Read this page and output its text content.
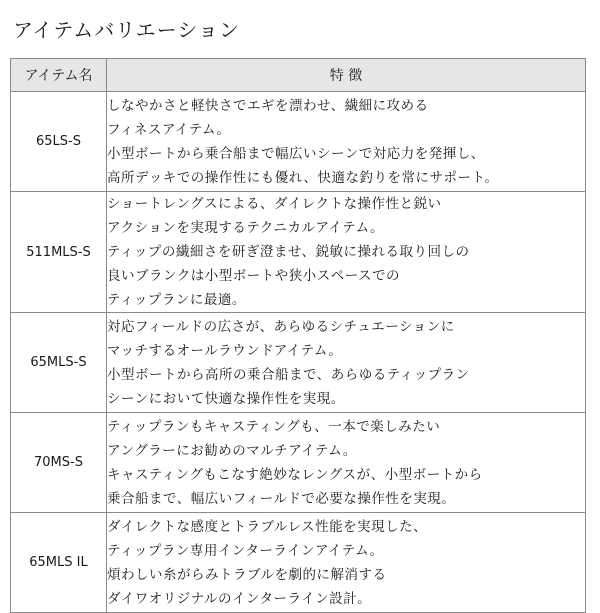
アイテムバリエーション
アイテム名	特 徴
65LS-S	しなやかさと軽快さでエギを漂わせ、繊細に攻める
フィネスアイテム。
小型ボートから乗合船まで幅広いシーンで対応力を発揮し、
高所デッキでの操作性にも優れ、快適な釣りを常にサポート。

511MLS-S	ショートレングスによる、ダイレクトな操作性と鋭い
アクションを実現するテクニカルアイテム。
ティップの繊細さを研ぎ澄ませ、鋭敏に操れる取り回しの
良いブランクは小型ボートや狭小スペースでの
ティップランに最適。

65MLS-S	対応フィールドの広さが、あらゆるシチュエーションに
マッチするオールラウンドアイテム。
小型ボートから高所の乗合船まで、あらゆるティップラン
シーンにおいて快適な操作性を実現。

70MS-S	ティップランもキャスティングも、一本で楽しみたい
アングラーにお勧めのマルチアイテム。
キャスティングもこなす絶妙なレングスが、小型ボートから
乗合船まで、幅広いフィールドで必要な操作性を実現。

65MLS IL	ダイレクトな感度とトラブルレス性能を実現した、
ティップラン専用インターラインアイテム。
煩わしい糸がらみトラブルを劇的に解消する
ダイワオリジナルのインターライン設計。
